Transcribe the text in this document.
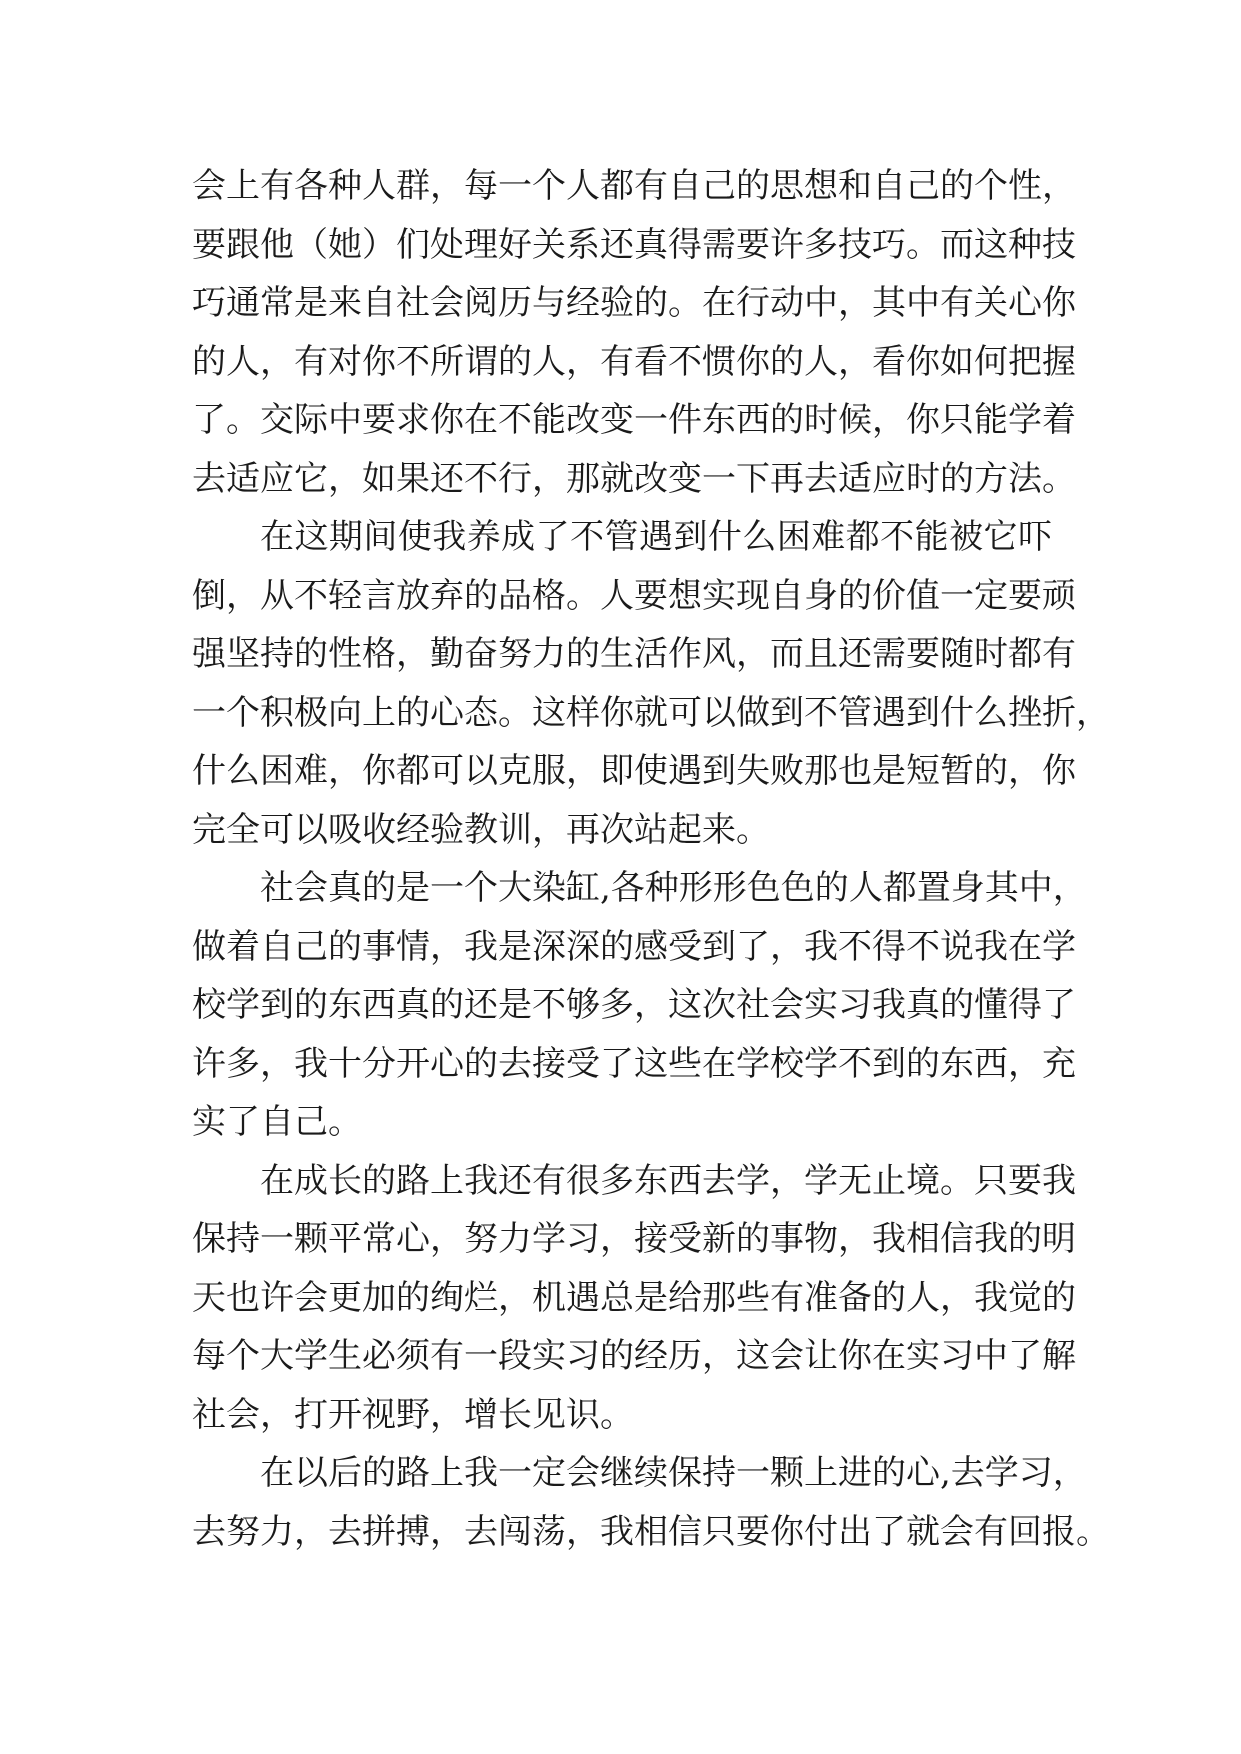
会上有各种人群，每一个人都有自己的思想和自己的个性，
要跟他（她）们处理好关系还真得需要许多技巧。而这种技
巧通常是来自社会阅历与经验的。在行动中，其中有关心你
的人，有对你不所谓的人，有看不惯你的人，看你如何把握
了。交际中要求你在不能改变一件东西的时候，你只能学着
去适应它，如果还不行，那就改变一下再去适应时的方法。
在这期间使我养成了不管遇到什么困难都不能被它吓
倒，从不轻言放弃的品格。人要想实现自身的价值一定要顽
强坚持的性格，勤奋努力的生活作风，而且还需要随时都有
一个积极向上的心态。这样你就可以做到不管遇到什么挫折，
什么困难，你都可以克服，即使遇到失败那也是短暂的，你
完全可以吸收经验教训，再次站起来。
社会真的是一个大染缸,各种形形色色的人都置身其中，
做着自己的事情，我是深深的感受到了，我不得不说我在学
校学到的东西真的还是不够多，这次社会实习我真的懂得了
许多，我十分开心的去接受了这些在学校学不到的东西，充
实了自己。
在成长的路上我还有很多东西去学，学无止境。只要我
保持一颗平常心，努力学习，接受新的事物，我相信我的明
天也许会更加的绚烂，机遇总是给那些有准备的人，我觉的
每个大学生必须有一段实习的经历，这会让你在实习中了解
社会，打开视野，增长见识。
在以后的路上我一定会继续保持一颗上进的心,去学习，
去努力，去拼搏，去闯荡，我相信只要你付出了就会有回报。
